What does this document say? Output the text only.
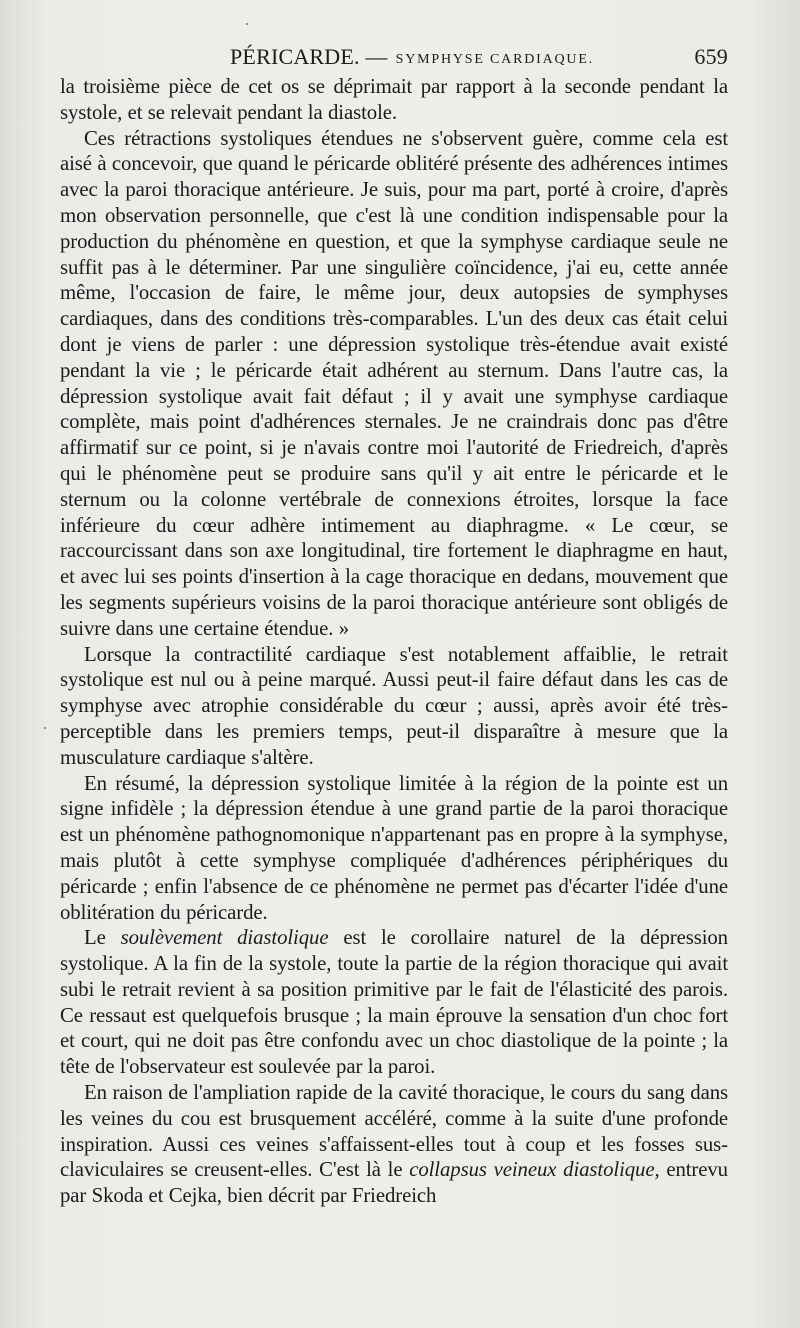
PÉRICARDE. — SYMPHYSE CARDIAQUE.	659

la troisième pièce de cet os se déprimait par rapport à la seconde pendant la systole, et se relevait pendant la diastole.

Ces rétractions systoliques étendues ne s'observent guère, comme cela est aisé à concevoir, que quand le péricarde oblitéré présente des adhérences intimes avec la paroi thoracique antérieure. Je suis, pour ma part, porté à croire, d'après mon observation personnelle, que c'est là une condition indispensable pour la production du phénomène en question, et que la symphyse cardiaque seule ne suffit pas à le déterminer. Par une singulière coïncidence, j'ai eu, cette année même, l'occasion de faire, le même jour, deux autopsies de symphyses cardiaques, dans des conditions très-comparables. L'un des deux cas était celui dont je viens de parler : une dépression systolique très-étendue avait existé pendant la vie ; le péricarde était adhérent au sternum. Dans l'autre cas, la dépression systolique avait fait défaut ; il y avait une symphyse cardiaque complète, mais point d'adhérences sternales. Je ne craindrais donc pas d'être affirmatif sur ce point, si je n'avais contre moi l'autorité de Friedreich, d'après qui le phénomène peut se produire sans qu'il y ait entre le péricarde et le sternum ou la colonne vertébrale de connexions étroites, lorsque la face inférieure du cœur adhère intimement au diaphragme. « Le cœur, se raccourcissant dans son axe longitudinal, tire fortement le diaphragme en haut, et avec lui ses points d'insertion à la cage thoracique en dedans, mouvement que les segments supérieurs voisins de la paroi thoracique antérieure sont obligés de suivre dans une certaine étendue. »

Lorsque la contractilité cardiaque s'est notablement affaiblie, le retrait systolique est nul ou à peine marqué. Aussi peut-il faire défaut dans les cas de symphyse avec atrophie considérable du cœur ; aussi, après avoir été très-perceptible dans les premiers temps, peut-il disparaître à mesure que la musculature cardiaque s'altère.

En résumé, la dépression systolique limitée à la région de la pointe est un signe infidèle ; la dépression étendue à une grand partie de la paroi thoracique est un phénomène pathognomonique n'appartenant pas en propre à la symphyse, mais plutôt à cette symphyse compliquée d'adhérences périphériques du péricarde ; enfin l'absence de ce phénomène ne permet pas d'écarter l'idée d'une oblitération du péricarde.

Le soulèvement diastolique est le corollaire naturel de la dépression systolique. A la fin de la systole, toute la partie de la région thoracique qui avait subi le retrait revient à sa position primitive par le fait de l'élasticité des parois. Ce ressaut est quelquefois brusque ; la main éprouve la sensation d'un choc fort et court, qui ne doit pas être confondu avec un choc diastolique de la pointe ; la tête de l'observateur est soulevée par la paroi.

En raison de l'ampliation rapide de la cavité thoracique, le cours du sang dans les veines du cou est brusquement accéléré, comme à la suite d'une profonde inspiration. Aussi ces veines s'affaissent-elles tout à coup et les fosses sus-claviculaires se creusent-elles. C'est là le collapsus veineux diastolique, entrevu par Skoda et Cejka, bien décrit par Friedreich
